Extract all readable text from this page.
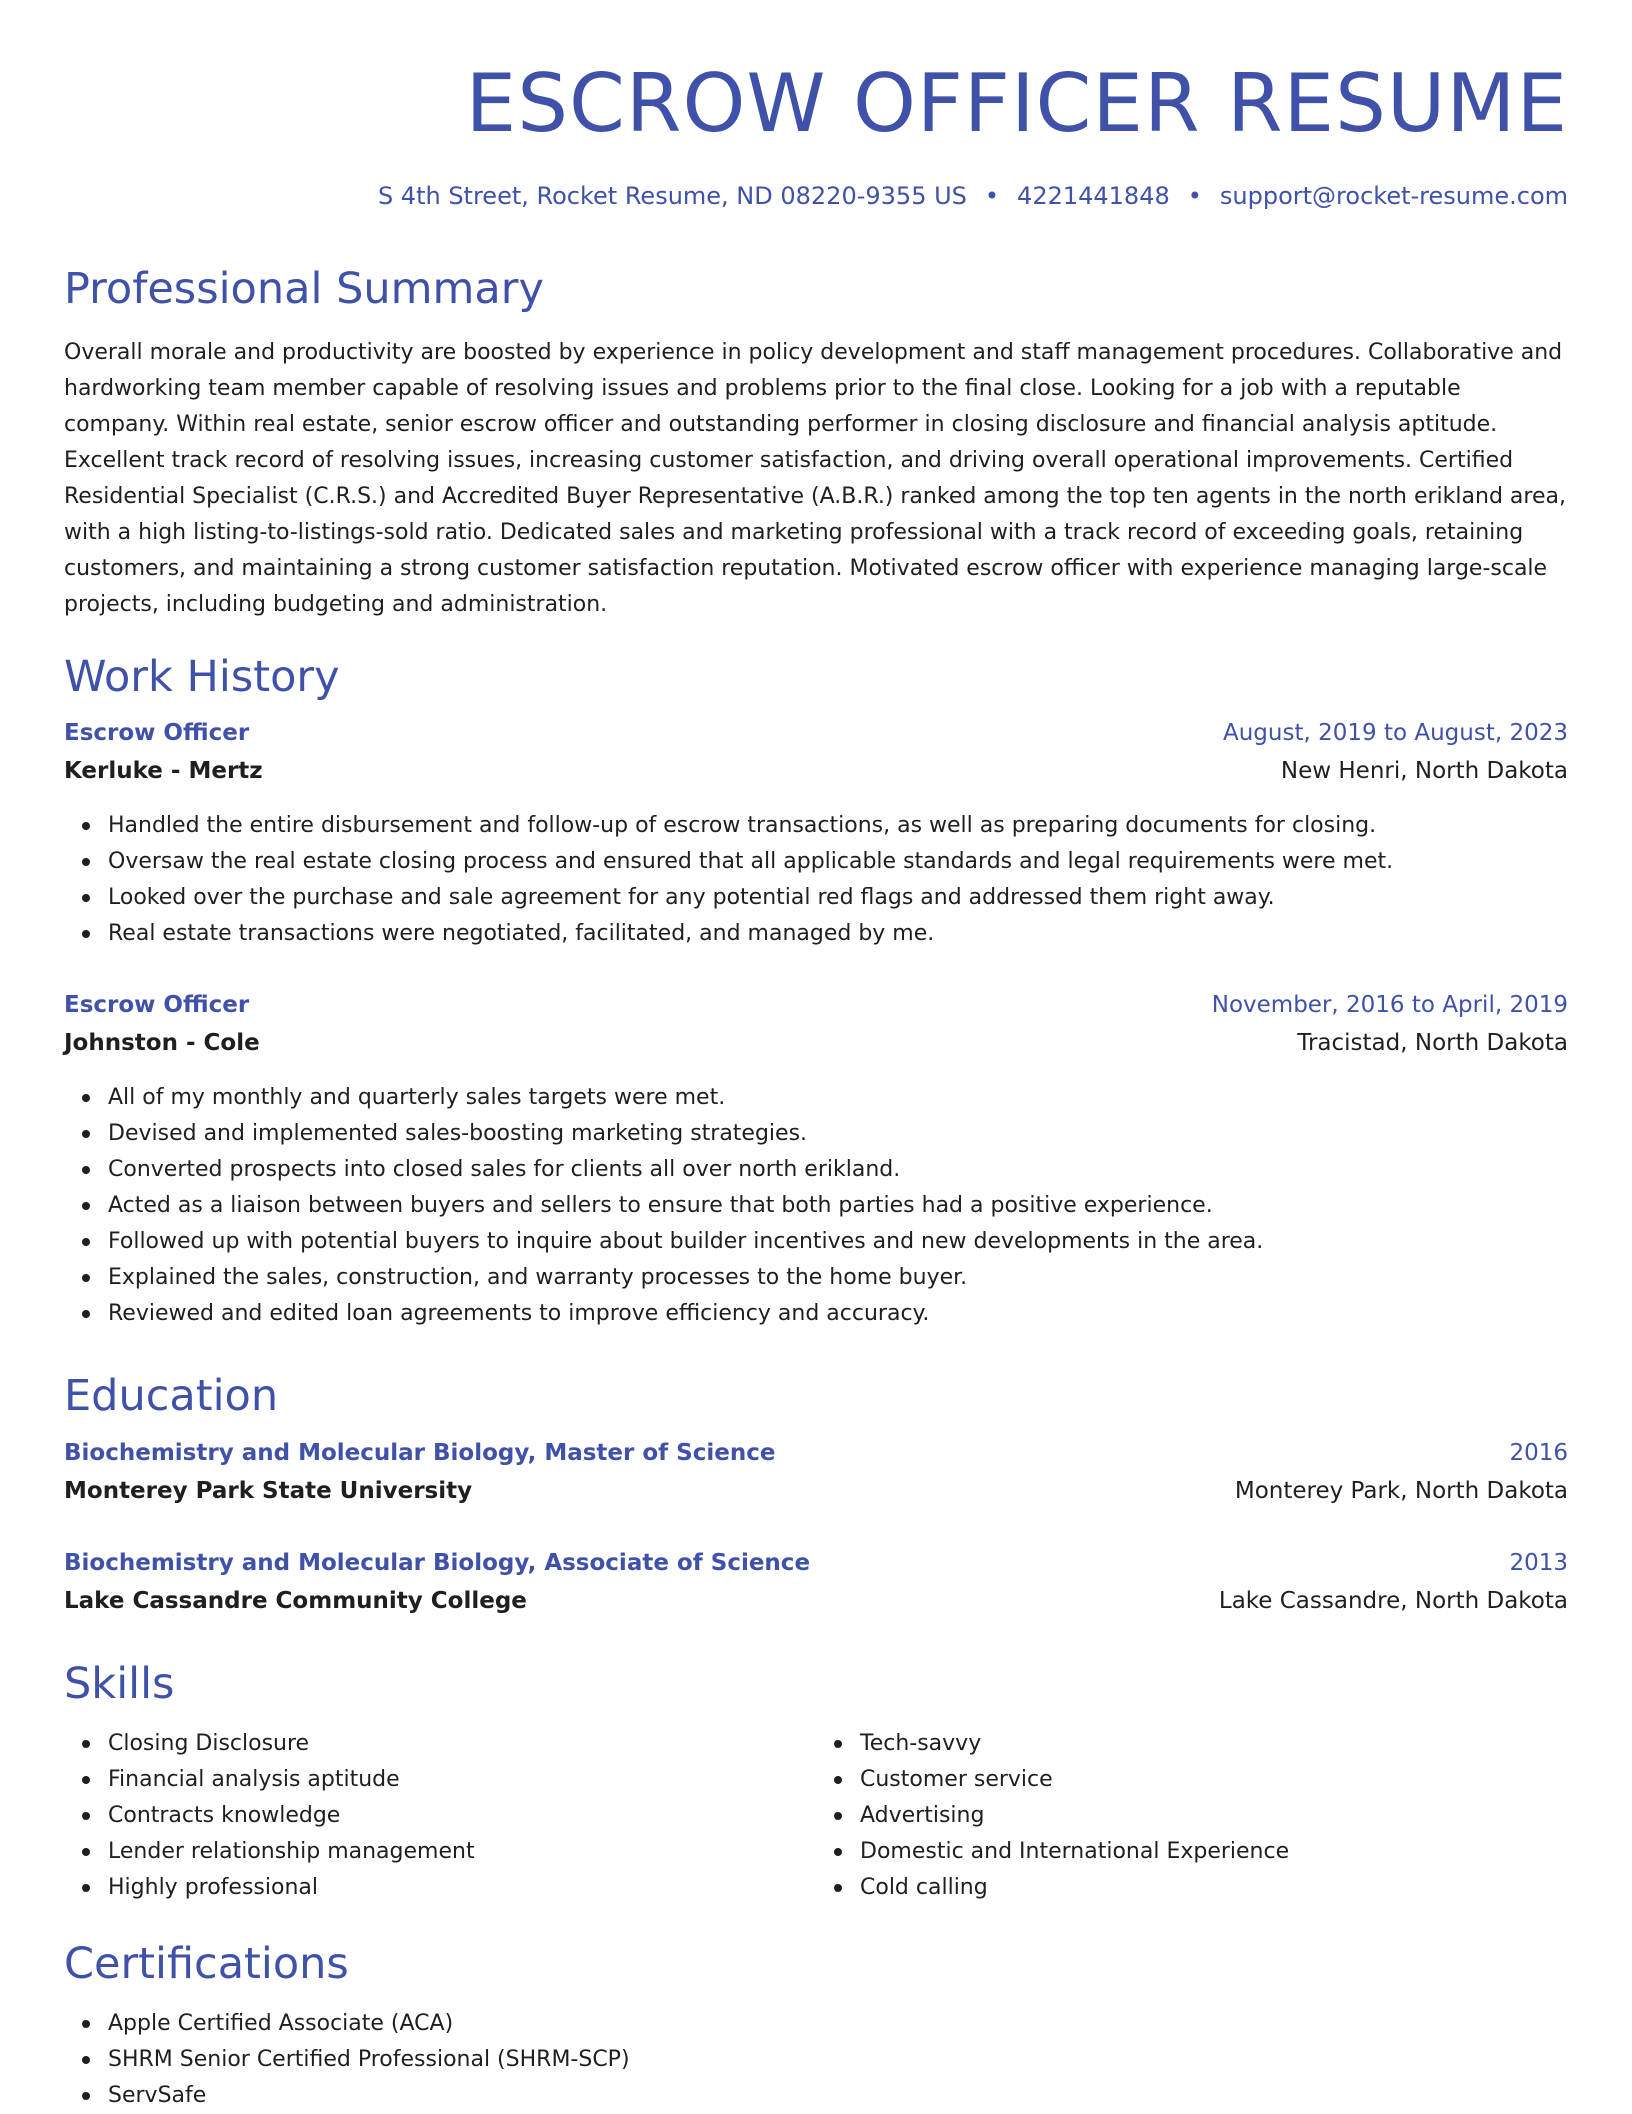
ESCROW OFFICER RESUME
S 4th Street, Rocket Resume, ND 08220-9355 US • 4221441848 • support@rocket-resume.com
Professional Summary

Overall morale and productivity are boosted by experience in policy development and staff management procedures. Collaborative and hardworking team member capable of resolving issues and problems prior to the final close. Looking for a job with a reputable company. Within real estate, senior escrow officer and outstanding performer in closing disclosure and financial analysis aptitude. Excellent track record of resolving issues, increasing customer satisfaction, and driving overall operational improvements. Certified Residential Specialist (C.R.S.) and Accredited Buyer Representative (A.B.R.) ranked among the top ten agents in the north erikland area, with a high listing-to-listings-sold ratio. Dedicated sales and marketing professional with a track record of exceeding goals, retaining customers, and maintaining a strong customer satisfaction reputation. Motivated escrow officer with experience managing large-scale projects, including budgeting and administration.

Work History
Escrow Officer	August, 2019 to August, 2023
Kerluke - Mertz	New Henri, North Dakota
Handled the entire disbursement and follow-up of escrow transactions, as well as preparing documents for closing.
Oversaw the real estate closing process and ensured that all applicable standards and legal requirements were met.
Looked over the purchase and sale agreement for any potential red flags and addressed them right away.
Real estate transactions were negotiated, facilitated, and managed by me.
Escrow Officer	November, 2016 to April, 2019
Johnston - Cole	Tracistad, North Dakota
All of my monthly and quarterly sales targets were met.
Devised and implemented sales-boosting marketing strategies.
Converted prospects into closed sales for clients all over north erikland.
Acted as a liaison between buyers and sellers to ensure that both parties had a positive experience.
Followed up with potential buyers to inquire about builder incentives and new developments in the area.
Explained the sales, construction, and warranty processes to the home buyer.
Reviewed and edited loan agreements to improve efficiency and accuracy.
Education
Biochemistry and Molecular Biology, Master of Science	2016
Monterey Park State University	Monterey Park, North Dakota
Biochemistry and Molecular Biology, Associate of Science	2013
Lake Cassandre Community College	Lake Cassandre, North Dakota
Skills
Closing Disclosure
Financial analysis aptitude
Contracts knowledge
Lender relationship management
Highly professional
Tech-savvy
Customer service
Advertising
Domestic and International Experience
Cold calling
Certifications
Apple Certified Associate (ACA)
SHRM Senior Certified Professional (SHRM-SCP)
ServSafe
